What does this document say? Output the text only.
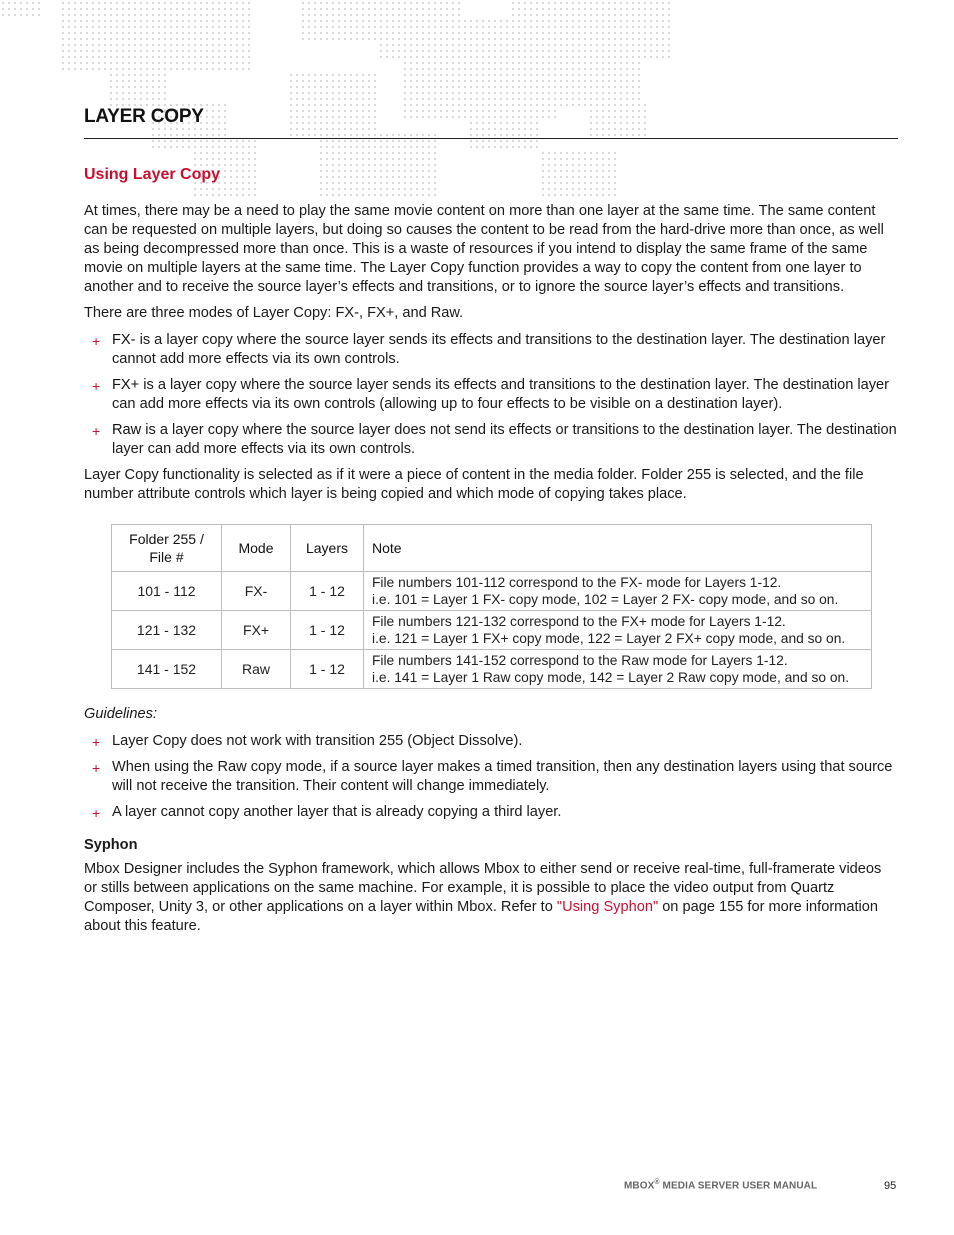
LAYER COPY
Using Layer Copy

At times, there may be a need to play the same movie content on more than one layer at the same time. The same content can be requested on multiple layers, but doing so causes the content to be read from the hard-drive more than once, as well as being decompressed more than once. This is a waste of resources if you intend to display the same frame of the same movie on multiple layers at the same time. The Layer Copy function provides a way to copy the content from one layer to another and to receive the source layer’s effects and transitions, or to ignore the source layer’s effects and transitions.

There are three modes of Layer Copy: FX-, FX+, and Raw.

+ FX- is a layer copy where the source layer sends its effects and transitions to the destination layer. The destination layer cannot add more effects via its own controls.
+ FX+ is a layer copy where the source layer sends its effects and transitions to the destination layer. The destination layer can add more effects via its own controls (allowing up to four effects to be visible on a destination layer).
+ Raw is a layer copy where the source layer does not send its effects or transitions to the destination layer. The destination layer can add more effects via its own controls.

Layer Copy functionality is selected as if it were a piece of content in the media folder. Folder 255 is selected, and the file number attribute controls which layer is being copied and which mode of copying takes place.

Folder 255 / File #	Mode	Layers	Note
101 - 112	FX-	1 - 12	File numbers 101-112 correspond to the FX- mode for Layers 1-12.
i.e. 101 = Layer 1 FX- copy mode, 102 = Layer 2 FX- copy mode, and so on.
121 - 132	FX+	1 - 12	File numbers 121-132 correspond to the FX+ mode for Layers 1-12.
i.e. 121 = Layer 1 FX+ copy mode, 122 = Layer 2 FX+ copy mode, and so on.
141 - 152	Raw	1 - 12	File numbers 141-152 correspond to the Raw mode for Layers 1-12.
i.e. 141 = Layer 1 Raw copy mode, 142 = Layer 2 Raw copy mode, and so on.

Guidelines:

+ Layer Copy does not work with transition 255 (Object Dissolve).
+ When using the Raw copy mode, if a source layer makes a timed transition, then any destination layers using that source will not receive the transition. Their content will change immediately.
+ A layer cannot copy another layer that is already copying a third layer.

Syphon

Mbox Designer includes the Syphon framework, which allows Mbox to either send or receive real-time, full-framerate videos or stills between applications on the same machine. For example, it is possible to place the video output from Quartz Composer, Unity 3, or other applications on a layer within Mbox. Refer to "Using Syphon" on page 155 for more information about this feature.

MBOX® MEDIA SERVER USER MANUAL	95
